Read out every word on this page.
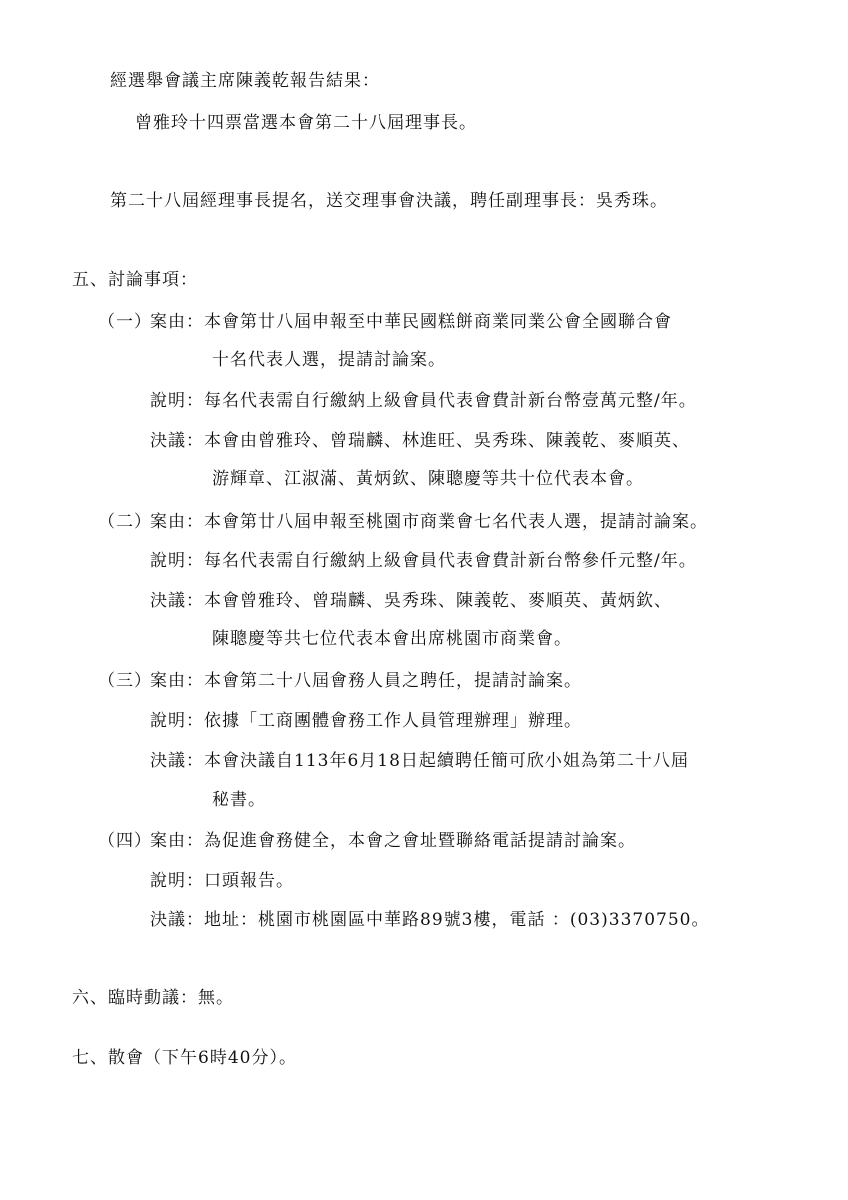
經選舉會議主席陳義乾報告結果：
曾雅玲十四票當選本會第二十八屆理事長。
第二十八屆經理事長提名，送交理事會決議，聘任副理事長：吳秀珠。
五、討論事項：
（一）案由：本會第廿八屆申報至中華民國糕餅商業同業公會全國聯合會
十名代表人選，提請討論案。
說明：每名代表需自行繳納上級會員代表會費計新台幣壹萬元整/年。
決議：本會由曾雅玲、曾瑞麟、林進旺、吳秀珠、陳義乾、麥順英、
游輝章、江淑滿、黃炳欽、陳聰慶等共十位代表本會。
（二）案由：本會第廿八屆申報至桃園市商業會七名代表人選，提請討論案。
說明：每名代表需自行繳納上級會員代表會費計新台幣參仟元整/年。
決議：本會曾雅玲、曾瑞麟、吳秀珠、陳義乾、麥順英、黃炳欽、
陳聰慶等共七位代表本會出席桃園市商業會。
（三）案由：本會第二十八屆會務人員之聘任，提請討論案。
說明：依據「工商團體會務工作人員管理辦理」辦理。
決議：本會決議自113年6月18日起續聘任簡可欣小姐為第二十八屆
秘書。
（四）案由：為促進會務健全，本會之會址暨聯絡電話提請討論案。
說明：口頭報告。
決議：地址：桃園市桃園區中華路89號3樓，電話 ：(03)3370750。
六、臨時動議：無。
七、散會（下午6時40分）。
